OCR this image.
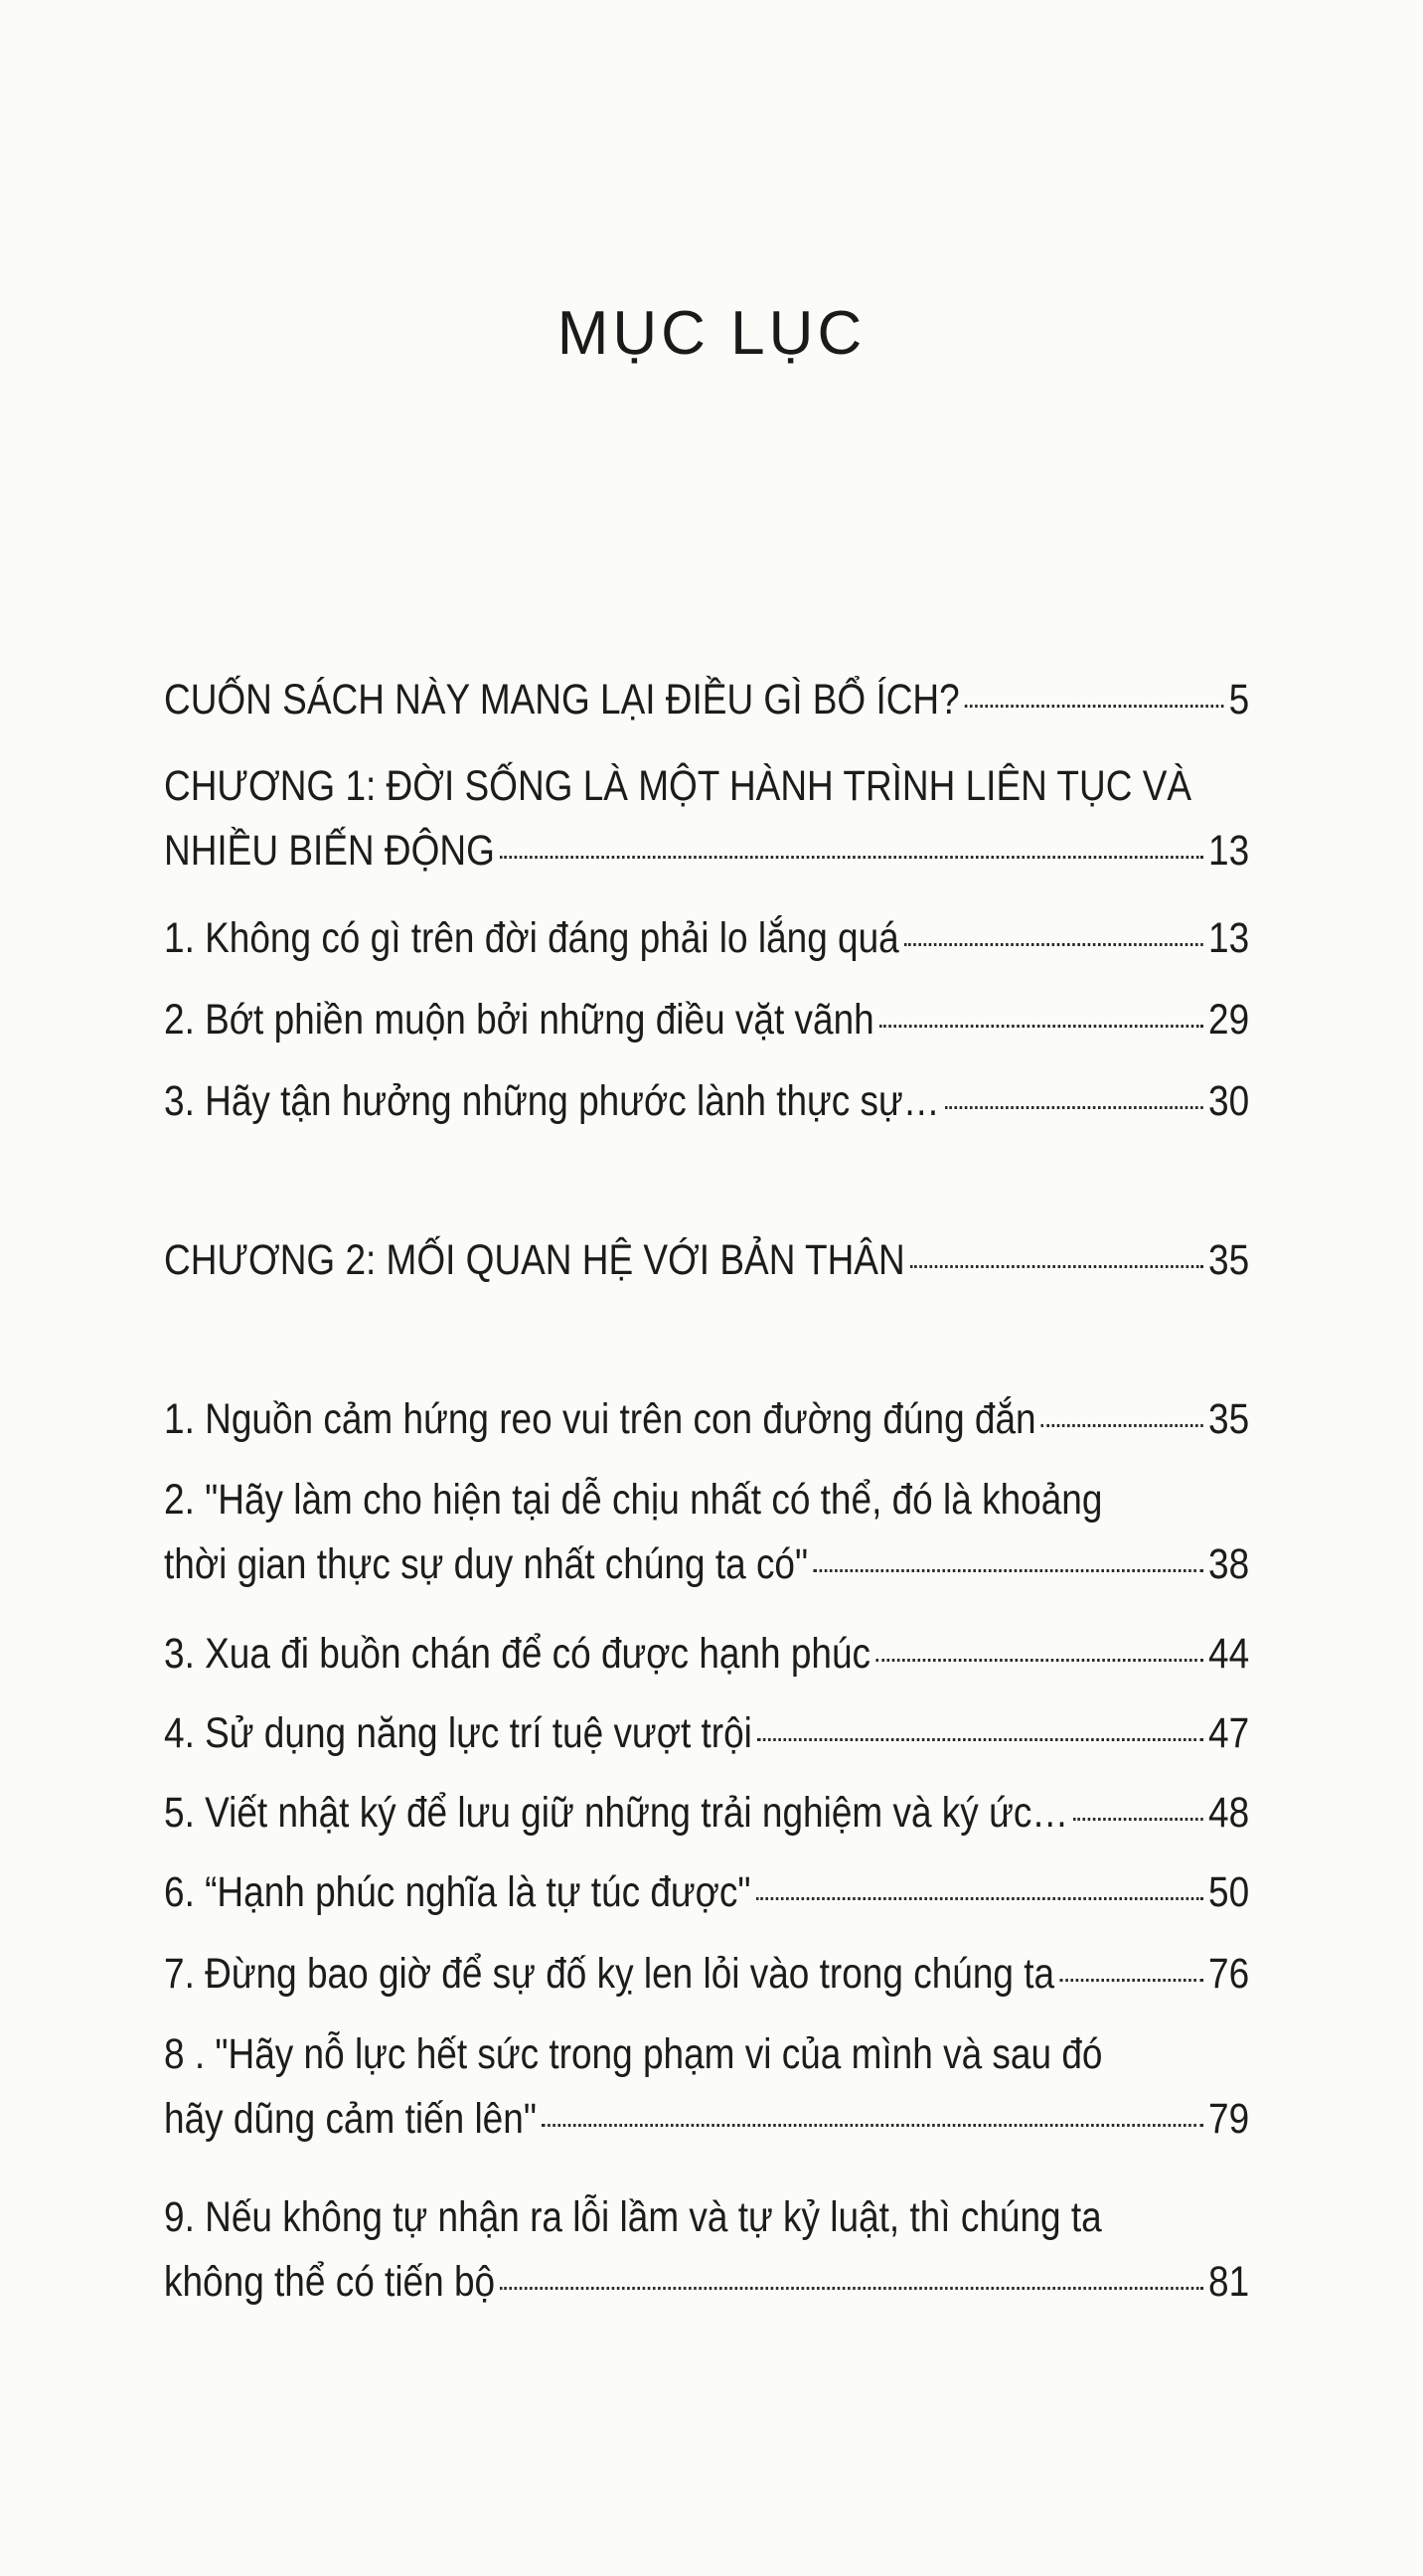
MỤC LỤC
CUỐN SÁCH NÀY MANG LẠI ĐIỀU GÌ BỔ ÍCH?	5
CHƯƠNG 1: ĐỜI SỐNG LÀ MỘT HÀNH TRÌNH LIÊN TỤC VÀ
NHIỀU BIẾN ĐỘNG	13
1. Không có gì trên đời đáng phải lo lắng quá	13
2. Bớt phiền muộn bởi những điều vặt vãnh	29
3. Hãy tận hưởng những phước lành thực sự…	30
CHƯƠNG 2: MỐI QUAN HỆ VỚI BẢN THÂN	35
1. Nguồn cảm hứng reo vui trên con đường đúng đắn	35
2. "Hãy làm cho hiện tại dễ chịu nhất có thể, đó là khoảng
thời gian thực sự duy nhất chúng ta có"	38
3. Xua đi buồn chán để có được hạnh phúc	44
4. Sử dụng năng lực trí tuệ vượt trội	47
5. Viết nhật ký để lưu giữ những trải nghiệm và ký ức…	48
6. “Hạnh phúc nghĩa là tự túc được"	50
7. Đừng bao giờ để sự đố kỵ len lỏi vào trong chúng ta	76
8 . "Hãy nỗ lực hết sức trong phạm vi của mình và sau đó
hãy dũng cảm tiến lên"	79
9. Nếu không tự nhận ra lỗi lầm và tự kỷ luật, thì chúng ta
không thể có tiến bộ	81
